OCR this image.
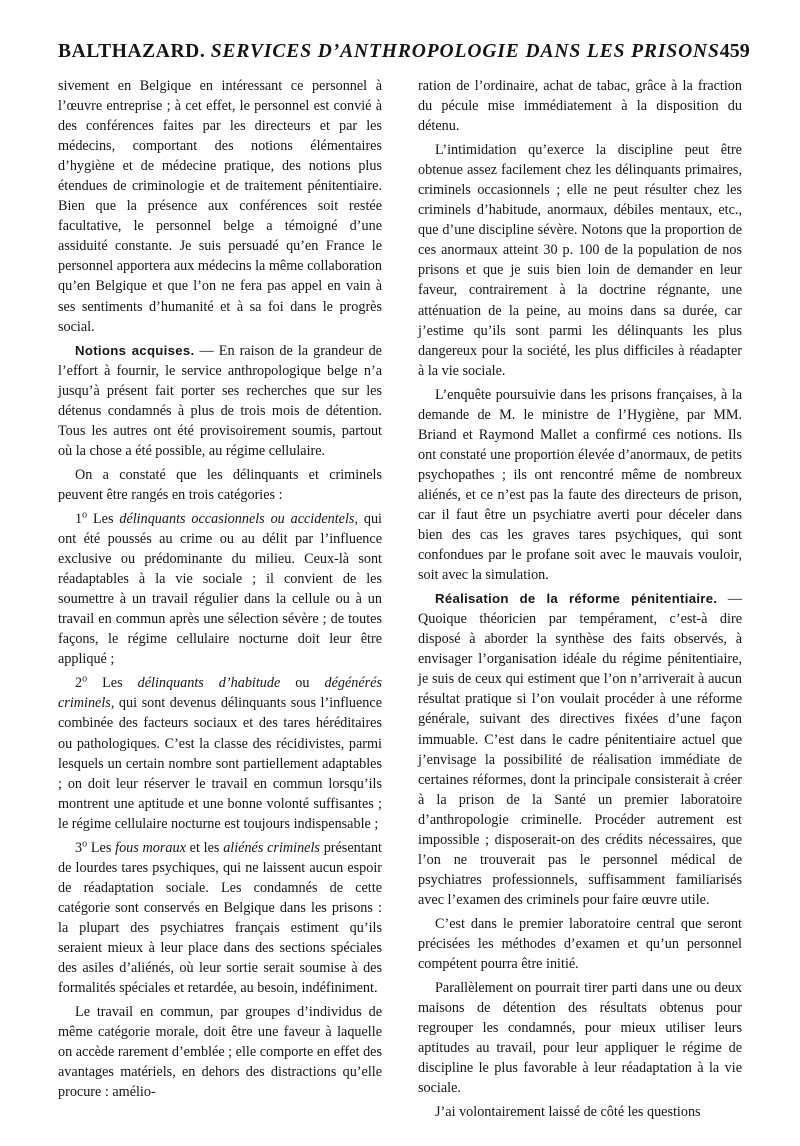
BALTHAZARD. SERVICES D’ANTHROPOLOGIE DANS LES PRISONS 459

sivement en Belgique en intéressant ce personnel à l’œuvre entreprise ; à cet effet, le personnel est convié à des conférences faites par les directeurs et par les médecins, comportant des notions élémentaires d’hygiène et de médecine pratique, des notions plus étendues de criminologie et de traitement pénitentiaire. Bien que la présence aux conférences soit restée facultative, le personnel belge a témoigné d’une assiduité constante. Je suis persuadé qu’en France le personnel apportera aux médecins la même collaboration qu’en Belgique et que l’on ne fera pas appel en vain à ses sentiments d’humanité et à sa foi dans le progrès social.

Notions acquises. — En raison de la grandeur de l’effort à fournir, le service anthropologique belge n’a jusqu’à présent fait porter ses recherches que sur les détenus condamnés à plus de trois mois de détention. Tous les autres ont été provisoirement soumis, partout où la chose a été possible, au régime cellulaire.

On a constaté que les délinquants et criminels peuvent être rangés en trois catégories :

1$^o$ Les délinquants occasionnels ou accidentels, qui ont été poussés au crime ou au délit par l’influence exclusive ou prédominante du milieu. Ceux-là sont réadaptables à la vie sociale ; il convient de les soumettre à un travail régulier dans la cellule ou à un travail en commun après une sélection sévère ; de toutes façons, le régime cellulaire nocturne doit leur être appliqué ;

2$^o$ Les délinquants d’habitude ou dégénérés criminels, qui sont devenus délinquants sous l’influence combinée des facteurs sociaux et des tares héréditaires ou pathologiques. C’est la classe des récidivistes, parmi lesquels un certain nombre sont partiellement adaptables ; on doit leur réserver le travail en commun lorsqu’ils montrent une aptitude et une bonne volonté suffisantes ; le régime cellulaire nocturne est toujours indispensable ;

3$^o$ Les fous moraux et les aliénés criminels présentant de lourdes tares psychiques, qui ne laissent aucun espoir de réadaptation sociale. Les condamnés de cette catégorie sont conservés en Belgique dans les prisons : la plupart des psychiatres français estiment qu’ils seraient mieux à leur place dans des sections spéciales des asiles d’aliénés, où leur sortie serait soumise à des formalités spéciales et retardée, au besoin, indéfiniment.

Le travail en commun, par groupes d’individus de même catégorie morale, doit être une faveur à laquelle on accède rarement d’emblée ; elle comporte en effet des avantages matériels, en dehors des distractions qu’elle procure : amélio-

ration de l’ordinaire, achat de tabac, grâce à la fraction du pécule mise immédiatement à la disposition du détenu.

L’intimidation qu’exerce la discipline peut être obtenue assez facilement chez les délinquants primaires, criminels occasionnels ; elle ne peut résulter chez les criminels d’habitude, anormaux, débiles mentaux, etc., que d’une discipline sévère. Notons que la proportion de ces anormaux atteint 30 p. 100 de la population de nos prisons et que je suis bien loin de demander en leur faveur, contrairement à la doctrine régnante, une atténuation de la peine, au moins dans sa durée, car j’estime qu’ils sont parmi les délinquants les plus dangereux pour la société, les plus difficiles à réadapter à la vie sociale.

L’enquête poursuivie dans les prisons françaises, à la demande de M. le ministre de l’Hygiène, par MM. Briand et Raymond Mallet a confirmé ces notions. Ils ont constaté une proportion élevée d’anormaux, de petits psychopathes ; ils ont rencontré même de nombreux aliénés, et ce n’est pas la faute des directeurs de prison, car il faut être un psychiatre averti pour déceler dans bien des cas les graves tares psychiques, qui sont confondues par le profane soit avec le mauvais vouloir, soit avec la simulation.

Réalisation de la réforme pénitentiaire. — Quoique théoricien par tempérament, c’est-à dire disposé à aborder la synthèse des faits observés, à envisager l’organisation idéale du régime pénitentiaire, je suis de ceux qui estiment que l’on n’arriverait à aucun résultat pratique si l’on voulait procéder à une réforme générale, suivant des directives fixées d’une façon immuable. C’est dans le cadre pénitentiaire actuel que j’envisage la possibilité de réalisation immédiate de certaines réformes, dont la principale consisterait à créer à la prison de la Santé un premier laboratoire d’anthropologie criminelle. Procéder autrement est impossible ; disposerait-on des crédits nécessaires, que l’on ne trouverait pas le personnel médical de psychiatres professionnels, suffisamment familiarisés avec l’examen des criminels pour faire œuvre utile.

C’est dans le premier laboratoire central que seront précisées les méthodes d’examen et qu’un personnel compétent pourra être initié.

Parallèlement on pourrait tirer parti dans une ou deux maisons de détention des résultats obtenus pour regrouper les condamnés, pour mieux utiliser leurs aptitudes au travail, pour leur appliquer le régime de discipline le plus favorable à leur réadaptation à la vie sociale.

J’ai volontairement laissé de côté les questions
